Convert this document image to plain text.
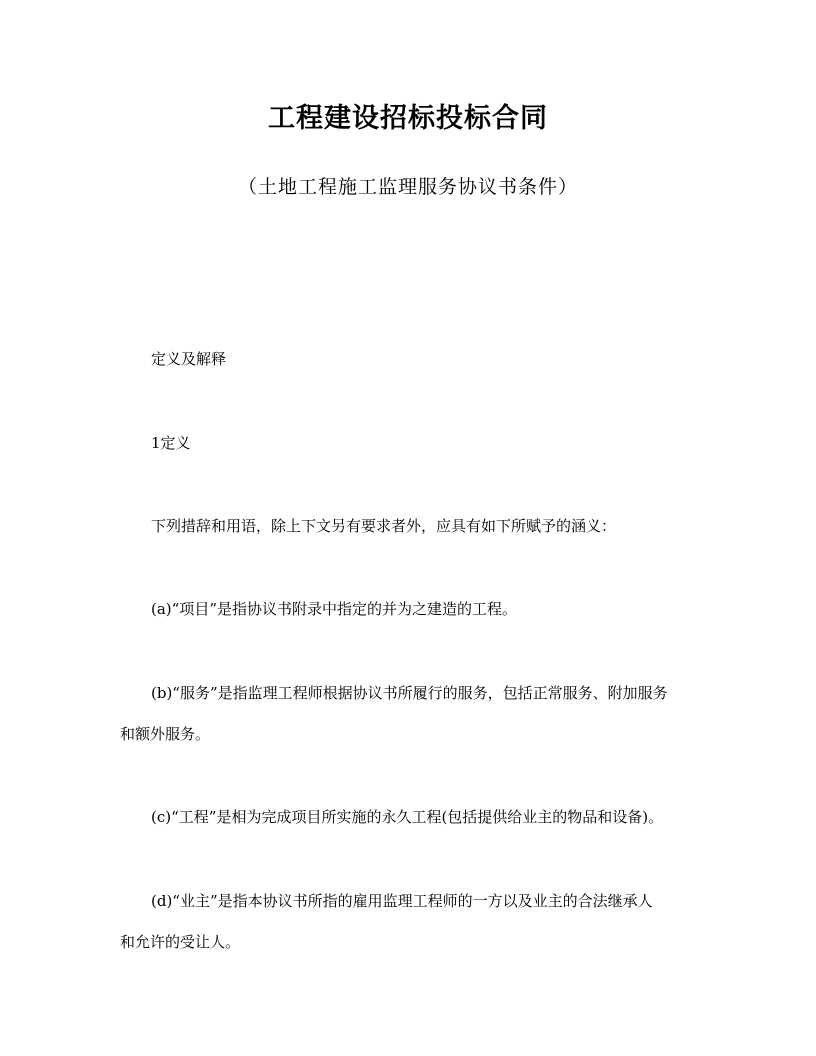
工程建设招标投标合同
（土地工程施工监理服务协议书条件）
定义及解释
1定义
下列措辞和用语，除上下文另有要求者外，应具有如下所赋予的涵义：
(a)“项目”是指协议书附录中指定的并为之建造的工程。
(b)“服务”是指监理工程师根据协议书所履行的服务，包括正常服务、附加服务
和额外服务。
(c)“工程”是相为完成项目所实施的永久工程(包括提供给业主的物品和设备)。
(d)“业主”是指本协议书所指的雇用监理工程师的一方以及业主的合法继承人
和允许的受让人。
